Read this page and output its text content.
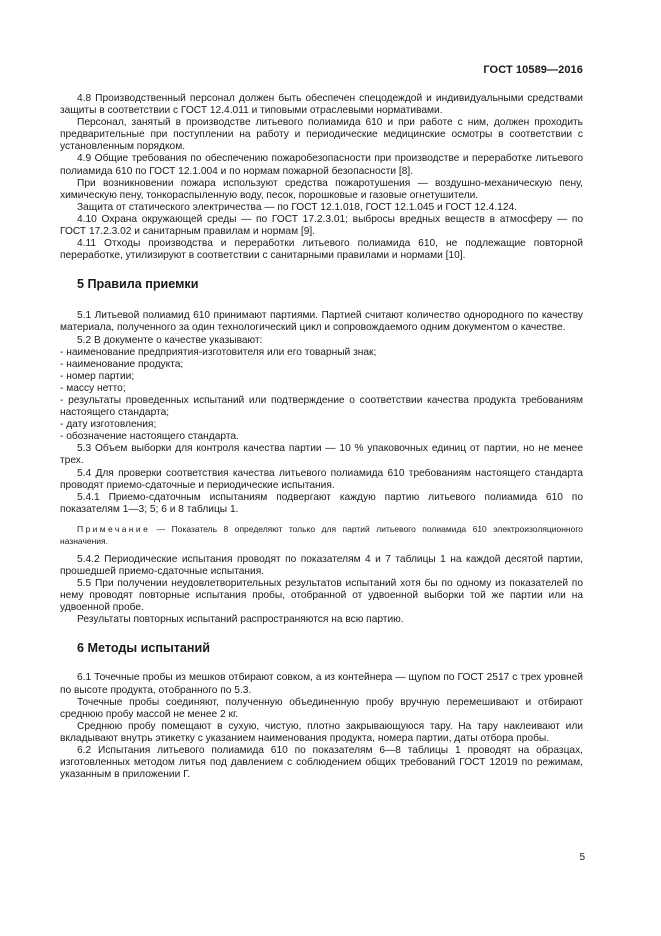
ГОСТ 10589—2016

4.8 Производственный персонал должен быть обеспечен спецодеждой и индивидуальными средствами защиты в соответствии с ГОСТ 12.4.011 и типовыми отраслевыми нормативами.

Персонал, занятый в производстве литьевого полиамида 610 и при работе с ним, должен проходить предварительные при поступлении на работу и периодические медицинские осмотры в соответствии с установленным порядком.

4.9 Общие требования по обеспечению пожаробезопасности при производстве и переработке литьевого полиамида 610 по ГОСТ 12.1.004 и по нормам пожарной безопасности [8].

При возникновении пожара используют средства пожаротушения — воздушно-механическую пену, химическую пену, тонкораспыленную воду, песок, порошковые и газовые огнетушители.

Защита от статического электричества — по ГОСТ 12.1.018, ГОСТ 12.1.045 и ГОСТ 12.4.124.

4.10 Охрана окружающей среды — по ГОСТ 17.2.3.01; выбросы вредных веществ в атмосферу — по ГОСТ 17.2.3.02 и санитарным правилам и нормам [9].

4.11 Отходы производства и переработки литьевого полиамида 610, не подлежащие повторной переработке, утилизируют в соответствии с санитарными правилами и нормами [10].

5 Правила приемки

5.1 Литьевой полиамид 610 принимают партиями. Партией считают количество однородного по качеству материала, полученного за один технологический цикл и сопровождаемого одним документом о качестве.

5.2 В документе о качестве указывают:

- наименование предприятия-изготовителя или его товарный знак;

- наименование продукта;

- номер партии;

- массу нетто;

- результаты проведенных испытаний или подтверждение о соответствии качества продукта требованиям настоящего стандарта;

- дату изготовления;

- обозначение настоящего стандарта.

5.3 Объем выборки для контроля качества партии — 10 % упаковочных единиц от партии, но не менее трех.

5.4 Для проверки соответствия качества литьевого полиамида 610 требованиям настоящего стандарта проводят приемо-сдаточные и периодические испытания.

5.4.1 Приемо-сдаточным испытаниям подвергают каждую партию литьевого полиамида 610 по показателям 1—3; 5; 6 и 8 таблицы 1.

Примечание — Показатель 8 определяют только для партий литьевого полиамида 610 электроизоляционного назначения.

5.4.2 Периодические испытания проводят по показателям 4 и 7 таблицы 1 на каждой десятой партии, прошедшей приемо-сдаточные испытания.

5.5 При получении неудовлетворительных результатов испытаний хотя бы по одному из показателей по нему проводят повторные испытания пробы, отобранной от удвоенной выборки той же партии или на удвоенной пробе.

Результаты повторных испытаний распространяются на всю партию.

6 Методы испытаний

6.1 Точечные пробы из мешков отбирают совком, а из контейнера — щупом по ГОСТ 2517 с трех уровней по высоте продукта, отобранного по 5.3.

Точечные пробы соединяют, полученную объединенную пробу вручную перемешивают и отбирают среднюю пробу массой не менее 2 кг.

Среднюю пробу помещают в сухую, чистую, плотно закрывающуюся тару. На тару наклеивают или вкладывают внутрь этикетку с указанием наименования продукта, номера партии, даты отбора пробы.

6.2 Испытания литьевого полиамида 610 по показателям 6—8 таблицы 1 проводят на образцах, изготовленных методом литья под давлением с соблюдением общих требований ГОСТ 12019 по режимам, указанным в приложении Г.

5
